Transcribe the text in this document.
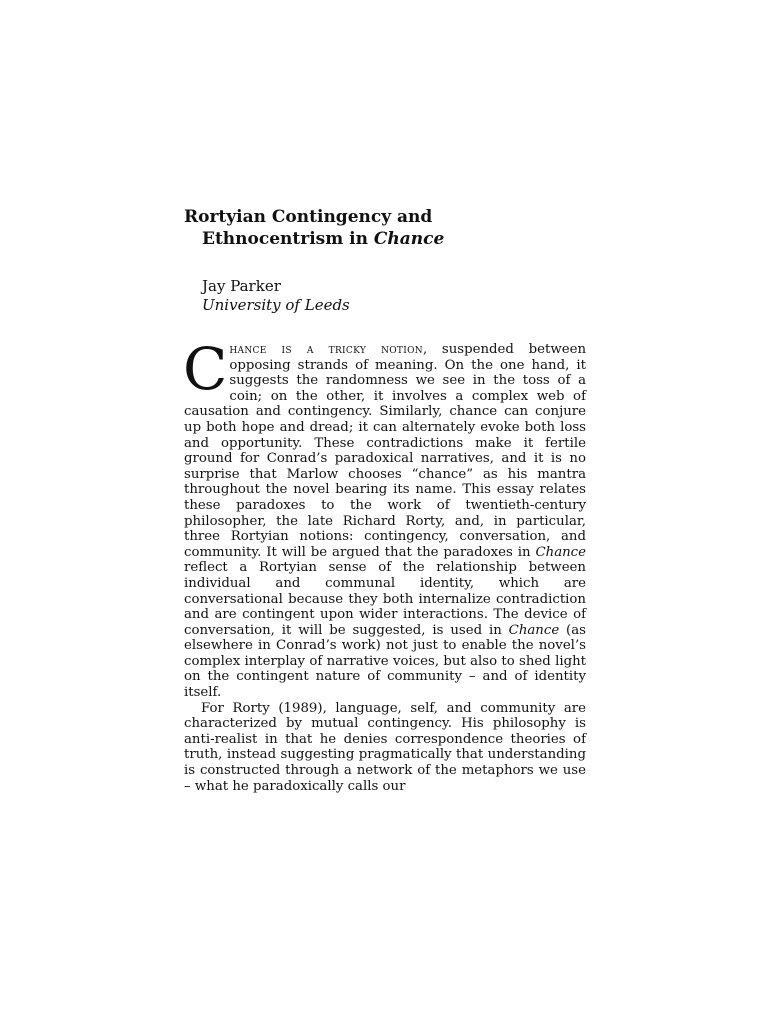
Rortyian Contingency and
Ethnocentrism in Chance
Jay Parker
University of Leeds

Chance is a tricky notion, suspended between opposing strands of meaning. On the one hand, it suggests the randomness we see in the toss of a coin; on the other, it involves a complex web of causation and contingency. Similarly, chance can conjure up both hope and dread; it can alternately evoke both loss and opportunity. These contradictions make it fertile ground for Conrad’s paradoxical narratives, and it is no surprise that Marlow chooses “chance” as his mantra throughout the novel bearing its name. This essay relates these paradoxes to the work of twentieth-century philosopher, the late Richard Rorty, and, in particular, three Rortyian notions: contingency, conversation, and community. It will be argued that the paradoxes in Chance reflect a Rortyian sense of the relationship between individual and communal identity, which are conversational because they both internalize contradiction and are contingent upon wider interactions. The device of conversation, it will be suggested, is used in Chance (as elsewhere in Conrad’s work) not just to enable the novel’s complex interplay of narrative voices, but also to shed light on the contingent nature of community – and of identity itself.

For Rorty (1989), language, self, and community are characterized by mutual contingency. His philosophy is anti-realist in that he denies correspondence theories of truth, instead suggesting pragmatically that understanding is constructed through a network of the metaphors we use – what he paradoxically calls our
